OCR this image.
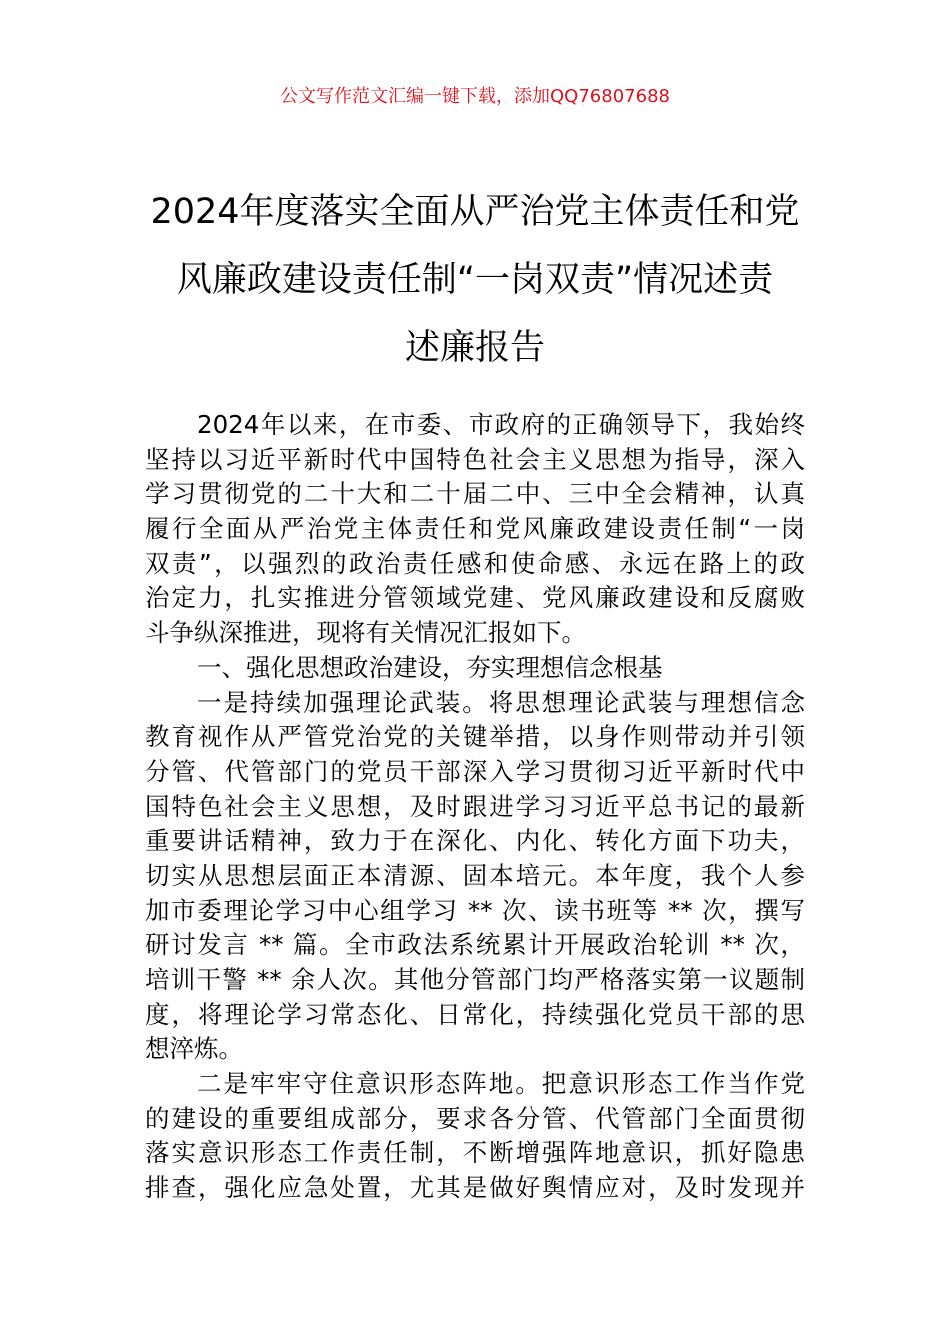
公文写作范文汇编一键下载，添加QQ76807688
2024年度落实全面从严治党主体责任和党
风廉政建设责任制“一岗双责”情况述责
述廉报告
2024年以来，在市委、市政府的正确领导下，我始终
坚持以习近平新时代中国特色社会主义思想为指导，深入
学习贯彻党的二十大和二十届二中、三中全会精神，认真
履行全面从严治党主体责任和党风廉政建设责任制“一岗
双责”，以强烈的政治责任感和使命感、永远在路上的政
治定力，扎实推进分管领域党建、党风廉政建设和反腐败
斗争纵深推进，现将有关情况汇报如下。
一、强化思想政治建设，夯实理想信念根基
一是持续加强理论武装。将思想理论武装与理想信念
教育视作从严管党治党的关键举措，以身作则带动并引领
分管、代管部门的党员干部深入学习贯彻习近平新时代中
国特色社会主义思想，及时跟进学习习近平总书记的最新
重要讲话精神，致力于在深化、内化、转化方面下功夫，
切实从思想层面正本清源、固本培元。本年度，我个人参
加市委理论学习中心组学习 ** 次、读书班等 ** 次，撰写
研讨发言 ** 篇。全市政法系统累计开展政治轮训 ** 次，
培训干警 ** 余人次。其他分管部门均严格落实第一议题制
度，将理论学习常态化、日常化，持续强化党员干部的思
想淬炼。
二是牢牢守住意识形态阵地。把意识形态工作当作党
的建设的重要组成部分，要求各分管、代管部门全面贯彻
落实意识形态工作责任制，不断增强阵地意识，抓好隐患
排查，强化应急处置，尤其是做好舆情应对，及时发现并
